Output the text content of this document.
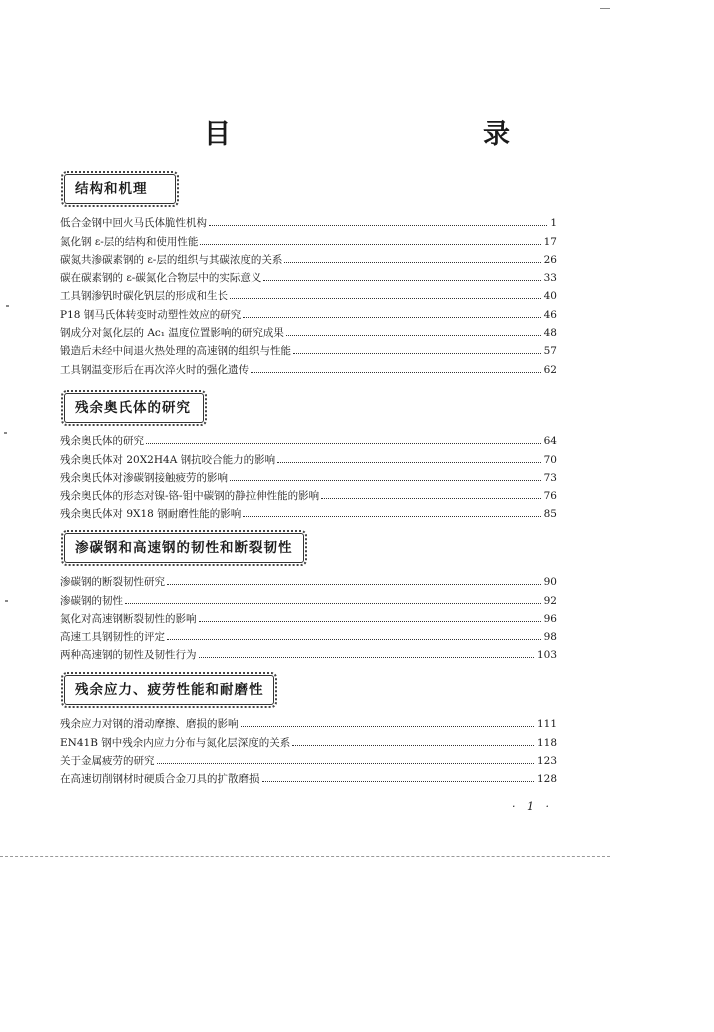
目　　录
结构和机理
低合金钢中回火马氏体脆性机构	1
氮化钢 ε-层的结构和使用性能	17
碳氮共渗碳素钢的 ε-层的组织与其碳浓度的关系	26
碳在碳素钢的 ε-碳氮化合物层中的实际意义	33
工具钢渗钒时碳化钒层的形成和生长	40
P18 钢马氏体转变时动塑性效应的研究	46
钢成分对氮化层的 Ac₁ 温度位置影响的研究成果	48
锻造后未经中间退火热处理的高速钢的组织与性能	57
工具钢温变形后在再次淬火时的强化遗传	62
残余奥氏体的研究
残余奥氏体的研究	64
残余奥氏体对 20X2H4A 钢抗咬合能力的影响	70
残余奥氏体对渗碳钢接触疲劳的影响	73
残余奥氏体的形态对镍-铬-钼中碳钢的静拉伸性能的影响	76
残余奥氏体对 9X18 钢耐磨性能的影响	85
渗碳钢和高速钢的韧性和断裂韧性
渗碳钢的断裂韧性研究	90
渗碳钢的韧性	92
氮化对高速钢断裂韧性的影响	96
高速工具钢韧性的评定	98
两种高速钢的韧性及韧性行为	103
残余应力、疲劳性能和耐磨性
残余应力对钢的滑动摩擦、磨损的影响	111
EN41B 钢中残余内应力分布与氮化层深度的关系	118
关于金属疲劳的研究	123
在高速切削钢材时硬质合金刀具的扩散磨损	128
· 1 ·
